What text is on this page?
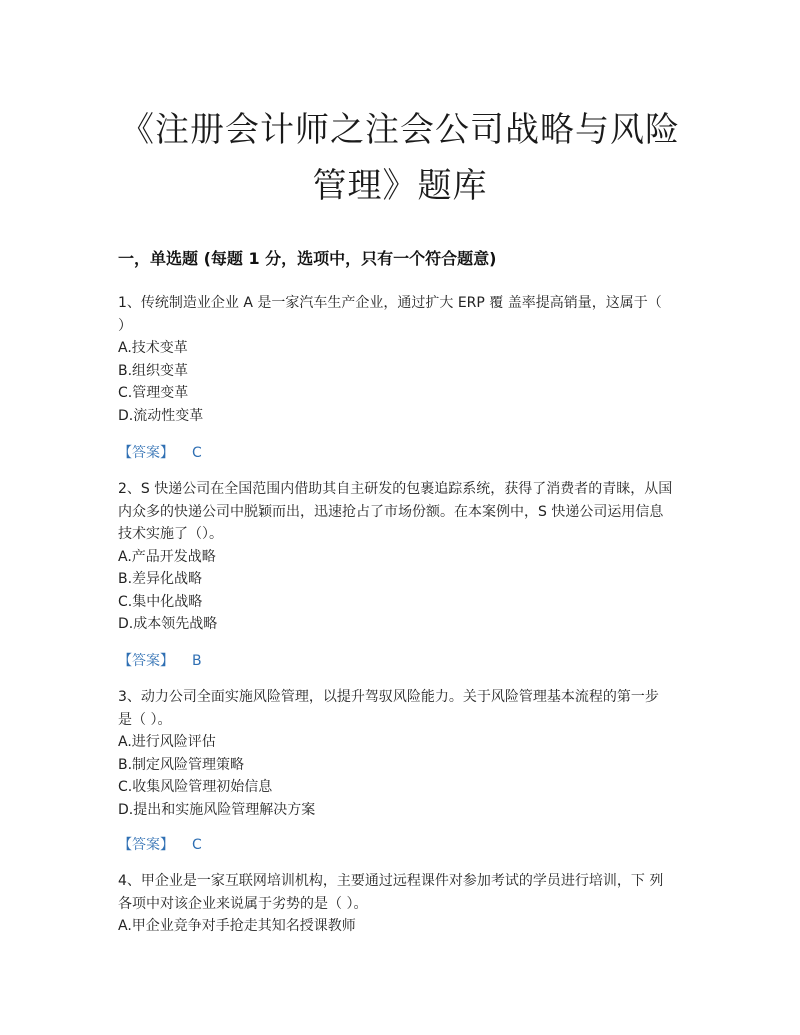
《注册会计师之注会公司战略与风险
管理》题库
一，单选题 (每题 1 分，选项中，只有一个符合题意)

1、传统制造业企业 A 是一家汽车生产企业，通过扩大 ERP 覆 盖率提高销量，这属于（

）

A.技术变革

B.组织变革

C.管理变革

D.流动性变革

【答案】 C

2、S 快递公司在全国范围内借助其自主研发的包裹追踪系统，获得了消费者的青睐，从国

内众多的快递公司中脱颖而出，迅速抢占了市场份额。在本案例中，S 快递公司运用信息

技术实施了（）。

A.产品开发战略

B.差异化战略

C.集中化战略

D.成本领先战略

【答案】 B

3、动力公司全面实施风险管理，以提升驾驭风险能力。关于风险管理基本流程的第一步

是（ ）。

A.进行风险评估

B.制定风险管理策略

C.收集风险管理初始信息

D.提出和实施风险管理解决方案

【答案】 C

4、甲企业是一家互联网培训机构，主要通过远程课件对参加考试的学员进行培训，下 列

各项中对该企业来说属于劣势的是（ ）。

A.甲企业竞争对手抢走其知名授课教师
